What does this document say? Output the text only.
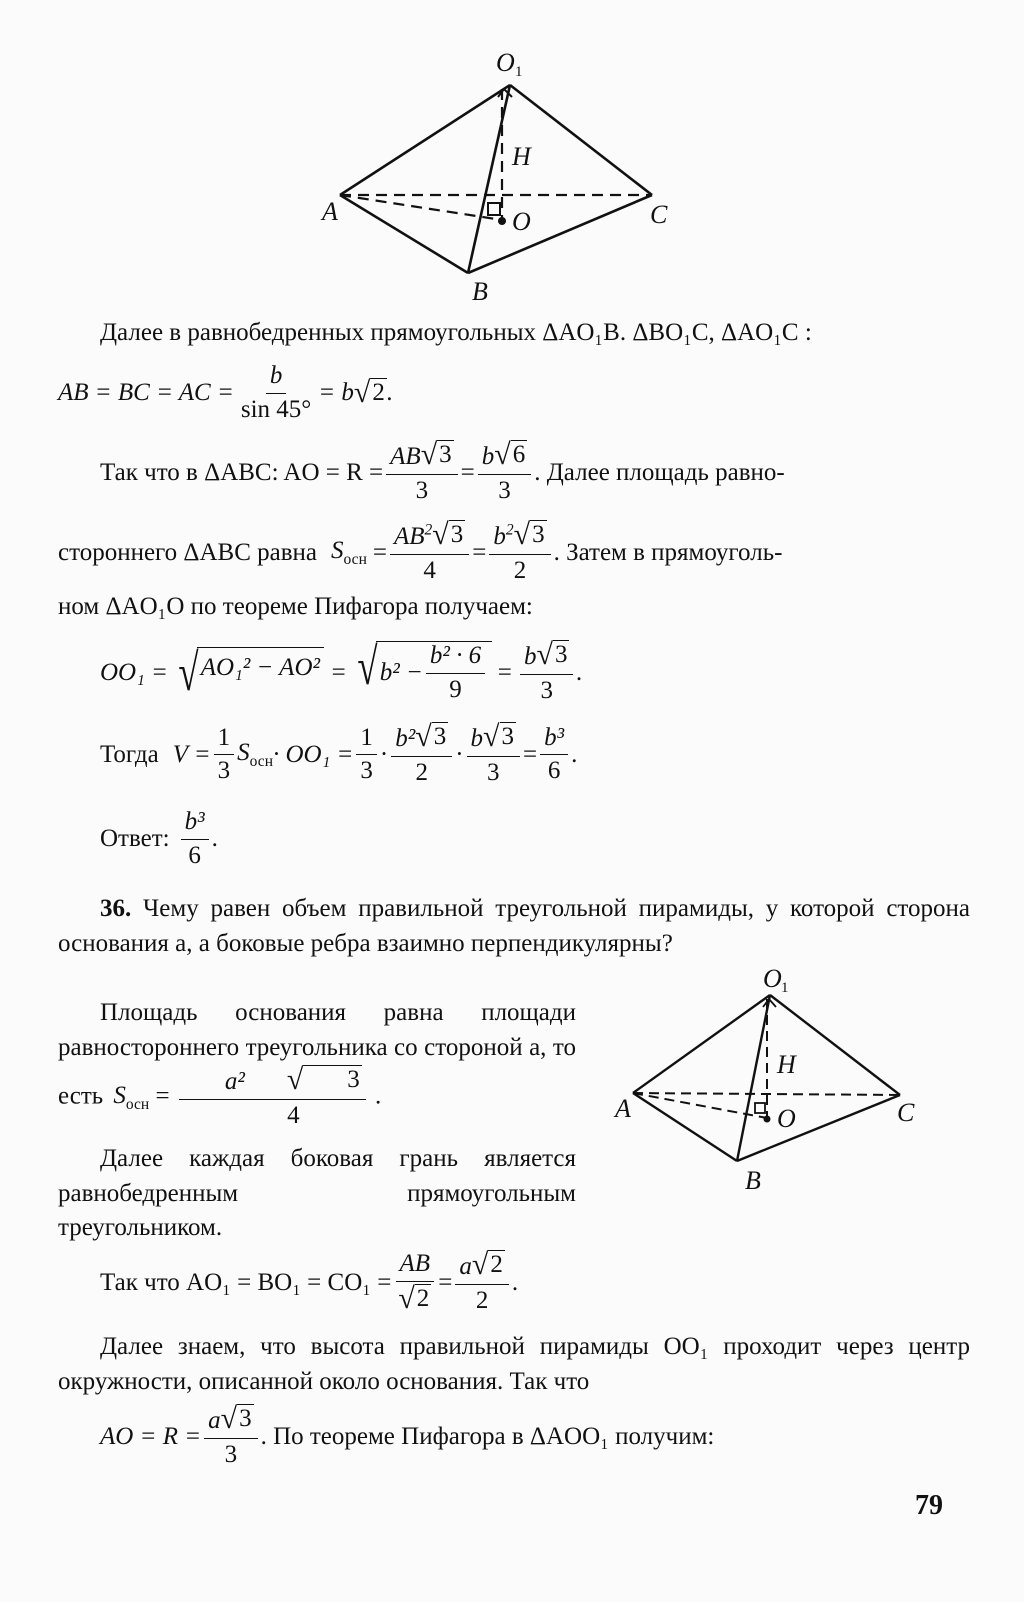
O 1
H
A	O	C
B
Далее в равнобедренных прямоугольных ΔAO₁B. ΔBO₁C, ΔAO₁C :
AB = BC = AC = $\frac{b}{\sin 45^\circ} = b$ √ 2 .
Так что в ΔABC: AO = $R = \frac{AB √ 3}{3} = \frac{b √ 6}{3}$ . Далее площадь равно-
стороннего ΔABC равна $S_{осн} = \frac{AB^2 √ 3}{4} = \frac{b^2 √ 3}{2}$ . Затем в прямоуголь-
ном ΔAO₁O по теореме Пифагора получаем:
OO₁ = √ AO₁² − AO² = √ $b^2 - \frac{\text{b² · 6}}{9} = \frac{b √ 3}{3}$ .
Тогда $V = \frac{1}{3} S_{осн} \cdot OO_1 = \frac{1}{3} \cdot \frac{\text{b² √ 3}}{2} \cdot \frac{b √ 3}{3} = \frac{\text{b³}}{6}$ .
Ответ: $\frac{\text{b³}}{6}$ .
36. Чему равен объем правильной треугольной пирамиды, у которой сторона основания a, а боковые ребра взаимно перпендикулярны?
Площадь основания равна площади равностороннего треугольника со стороной a, то есть $S_{осн} = a^2$	√	3
4 .
Далее каждая боковая грань является равнобедренным прямоугольным треугольником.
O 1
H
A	O	C
B
Так что $AO_1 = BO_1 = CO_1 = \frac{AB}{√ 2} = \frac{a √ 2}{2}$ .
Далее знаем, что высота правильной пирамиды OO₁ проходит через центр окружности, описанной около основания. Так что
AO = $R = \frac{a √ 3}{3}$ . По теореме Пифагора в ΔAOO₁ получим:
79
